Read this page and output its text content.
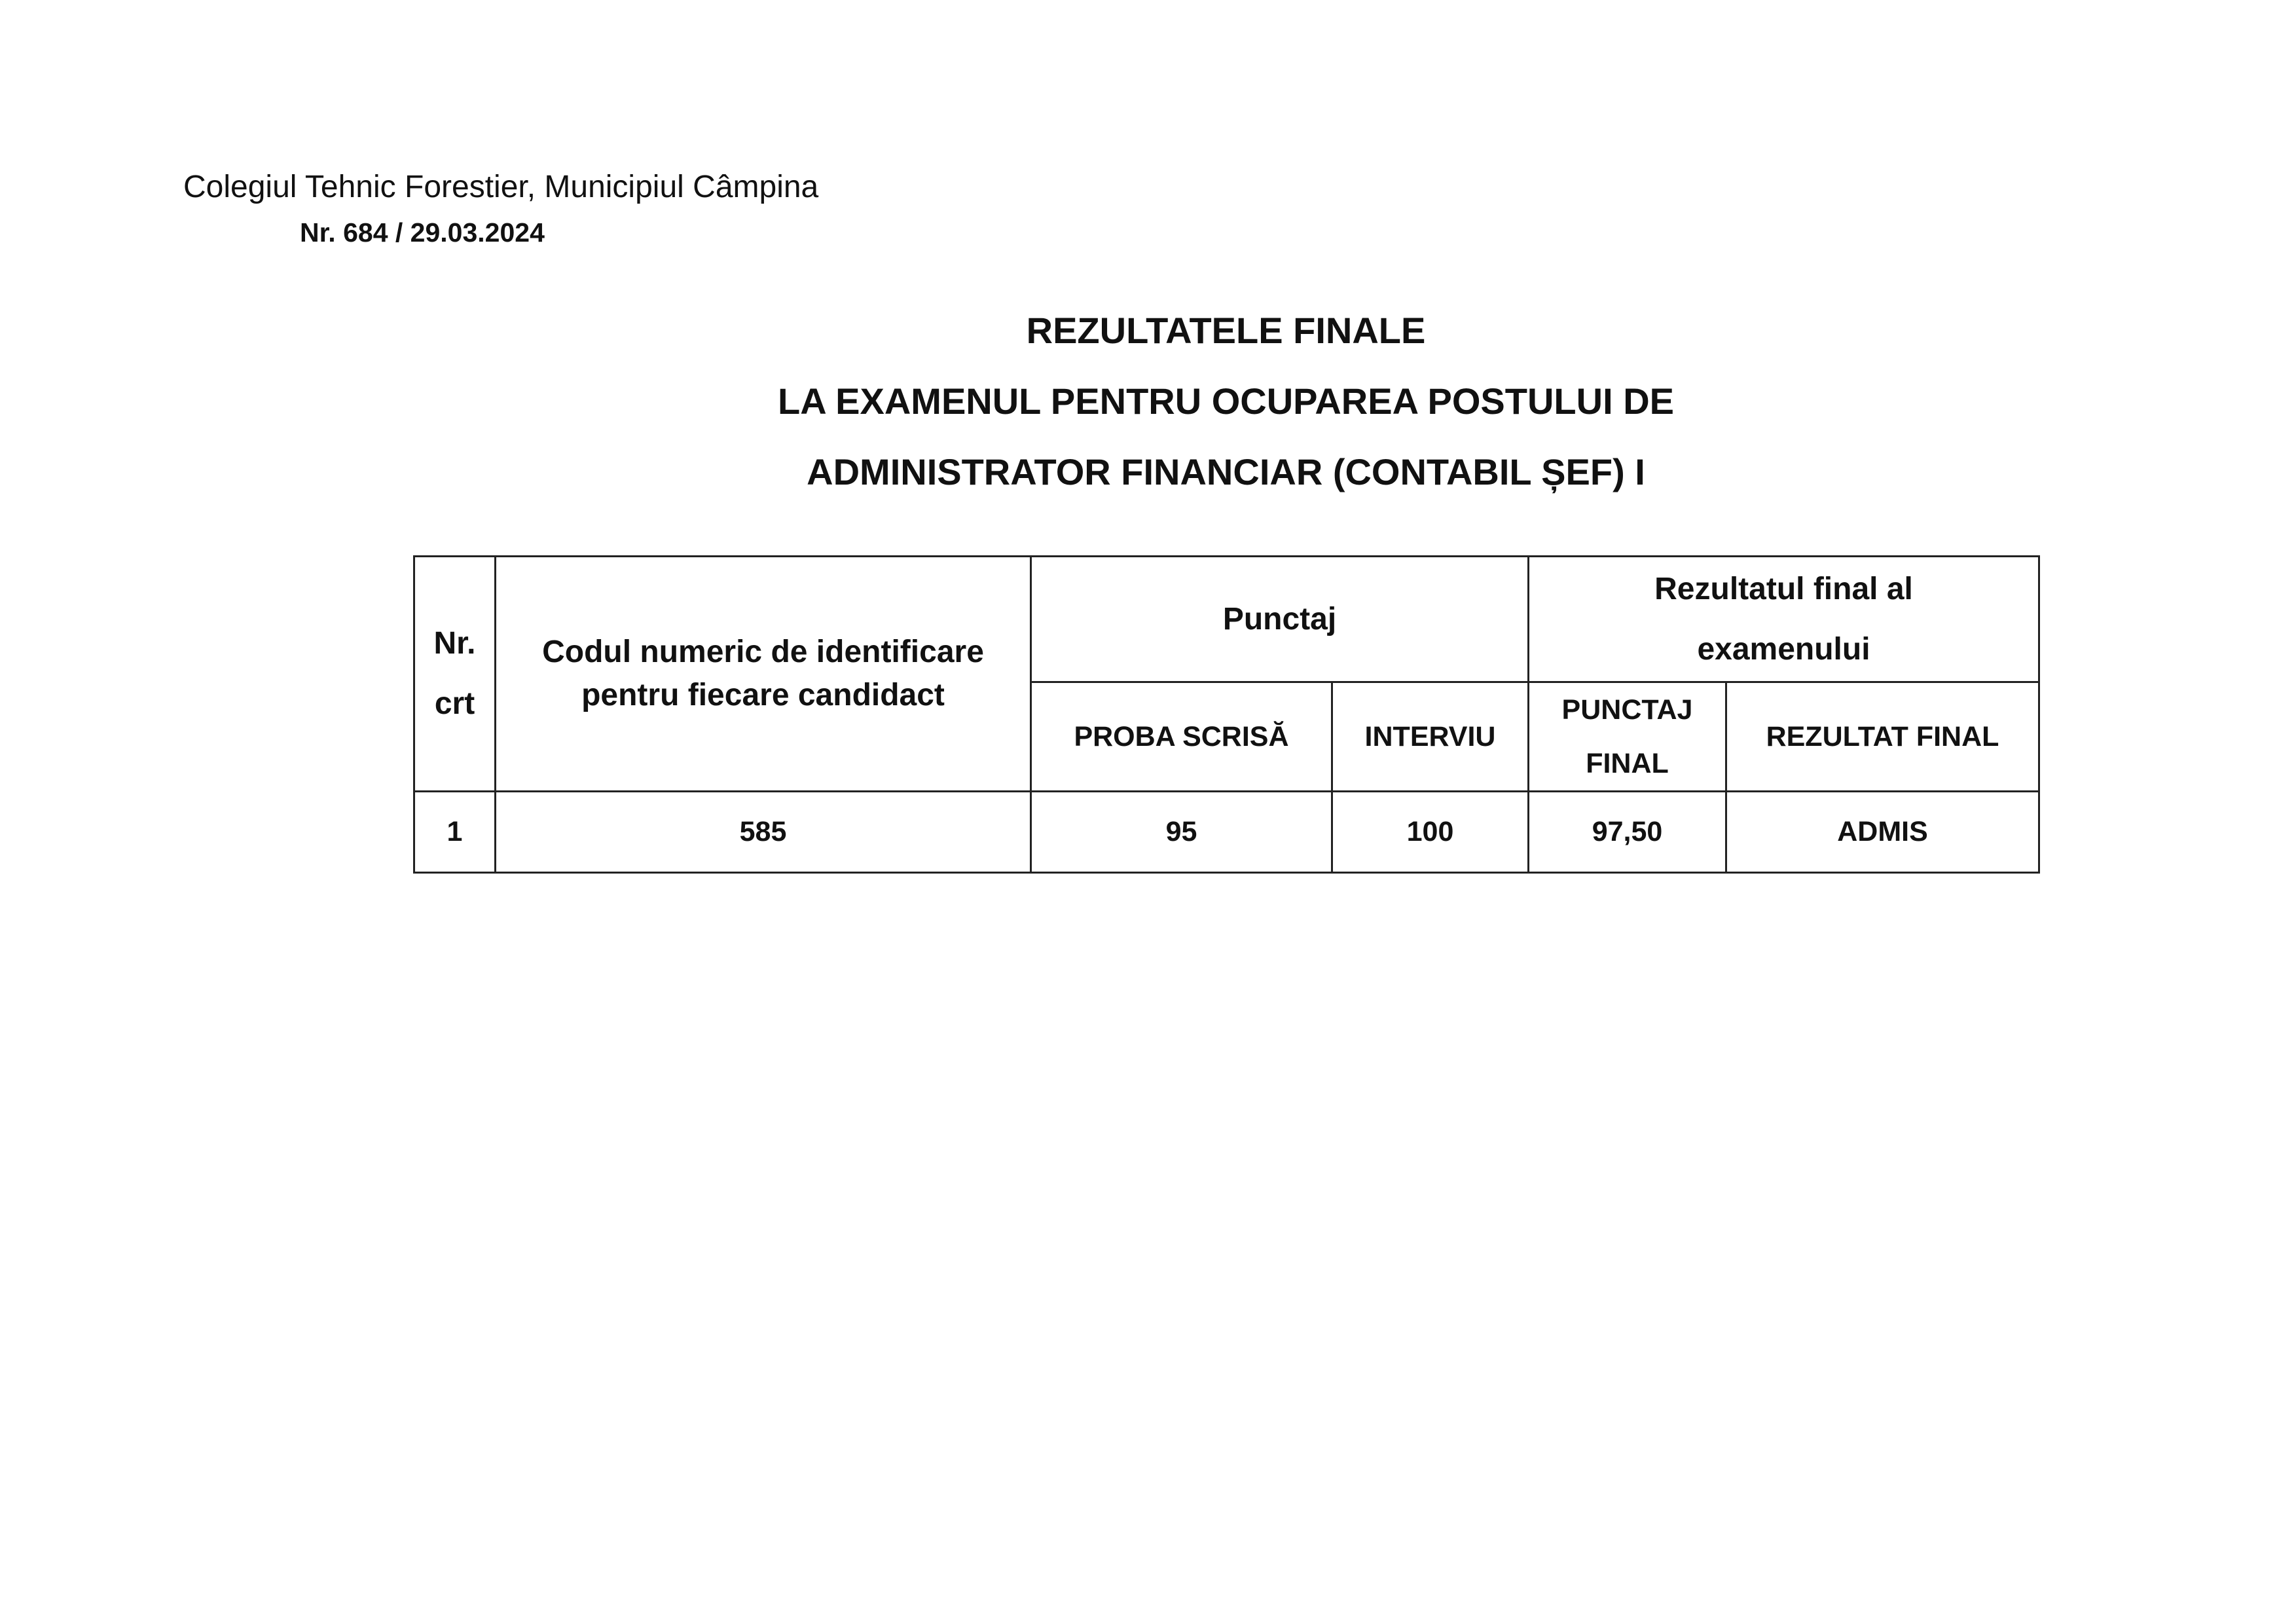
Colegiul Tehnic Forestier, Municipiul Câmpina
Nr. 684 / 29.03.2024
REZULTATELE FINALE
LA EXAMENUL PENTRU OCUPAREA POSTULUI DE
ADMINISTRATOR FINANCIAR (CONTABIL ȘEF) I
Nr. crt	Codul numeric de identificare pentru fiecare candidact	Punctaj		Rezultatul final al examenului	
		PROBA SCRISĂ	INTERVIU	PUNCTAJ FINAL	REZULTAT FINAL
1	585	95	100	97,50	ADMIS
